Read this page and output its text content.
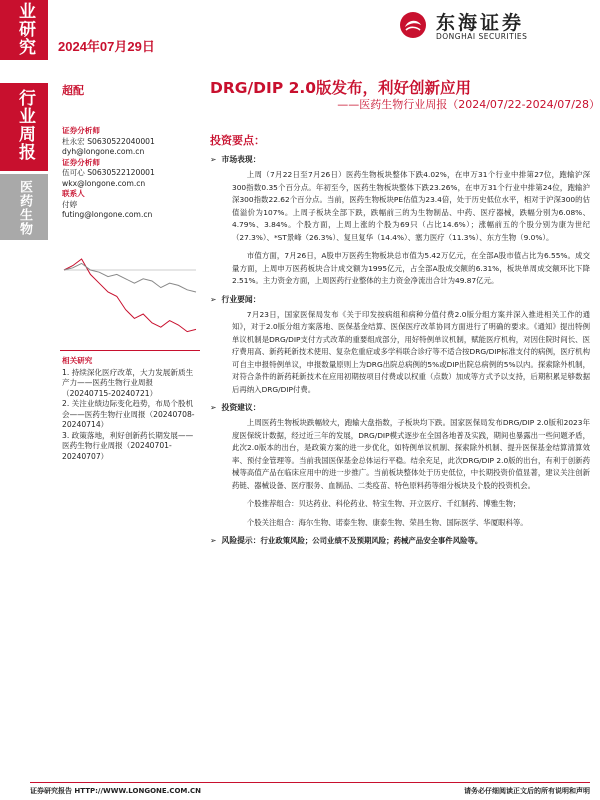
业研究 2024年07月29日
东海证券
DONGHAI SECURITIES
行业周报
医药生物
超配
证券分析师
杜永宏 S0630522040001
dyh@longone.com.cn
证券分析师
伍可心 S0630522120001
wkx@longone.com.cn
联系人
付婷
futing@longone.com.cn
相关研究
1. 持续深化医疗改革，大力发展新质生产力——医药生物行业周报（20240715-20240721）
2. 关注业绩边际变化趋势，布局个股机会——医药生物行业周报（20240708-20240714）
3. 政策落地，利好创新药长期发展——医药生物行业周报（20240701-20240707）
DRG/DIP 2.0版发布，利好创新应用
——医药生物行业周报（2024/07/22-2024/07/28）
投资要点：
➢ 市场表现：

上周（7月22日至7月26日）医药生物板块整体下跌4.02%，在申万31个行业中排第27位，跑输沪深300指数0.35个百分点。年初至今，医药生物板块整体下跌23.26%，在申万31个行业中排第24位，跑输沪深300指数22.62个百分点。当前，医药生物板块PE估值为23.4倍，处于历史低位水平，相对于沪深300的估值溢价为107%。上周子板块全部下跌，跌幅前三的为生物制品、中药、医疗器械，跌幅分别为6.08%、4.79%、3.84%。个股方面，上周上涨的个股为69只（占比14.6%）；涨幅前五的个股分别为康为世纪（27.3%）、*ST景峰（26.3%）、复旦复华（14.4%）、塞力医疗（11.3%）、东方生物（9.0%）。

市值方面，7月26日，A股申万医药生物板块总市值为5.42万亿元，在全部A股市值占比为6.55%。成交量方面，上周申万医药板块合计成交额为1995亿元，占全部A股成交额的6.31%，板块单周成交额环比下降2.51%。主力资金方面，上周医药行业整体的主力资金净流出合计为49.87亿元。

➢ 行业要闻：

7月23日，国家医保局发布《关于印发按病组和病种分值付费2.0版分组方案并深入推进相关工作的通知》，对于2.0版分组方案落地、医保基金结算、医保医疗改革协同方面进行了明确的要求。《通知》提出特例单议机制是DRG/DIP支付方式改革的重要组成部分，用好特例单议机制，赋能医疗机构，对因住院时间长、医疗费用高、新药耗新技术使用、复杂危重症或多学科联合诊疗等不适合按DRG/DIP标准支付的病例，医疗机构可自主申报特例单议，申报数量原则上为DRG出院总病例的5%或DIP出院总病例的5%以内。探索除外机制，对符合条件的新药耗新技术在应用初期按项目付费或以权重（点数）加成等方式予以支持，后期积累足够数据后再纳入DRG/DIP付费。

➢ 投资建议：

上周医药生物板块跌幅较大，跑输大盘指数，子板块均下跌。国家医保局发布DRG/DIP 2.0版和2023年度医保统计数据，经过近三年的发展，DRG/DIP模式逐步在全国各地普及实践，期间也暴露出一些问题矛盾，此次2.0版本的出台，是政策方案的进一步优化，如特例单议机制、探索除外机制、提升医保基金结算清算效率、预付金管理等。当前我国医保基金总体运行平稳。结余充足，此次DRG/DIP 2.0版的出台，有利于创新药械等高值产品在临床应用中的进一步推广。当前板块整体处于历史低位，中长期投资价值显著，建议关注创新药链、器械设备、医疗服务、血制品、二类疫苗、特色原料药等细分板块及个股的投资机会。

个股推荐组合：贝达药业、科伦药业、特宝生物、开立医疗、千红制药、博雅生物；

个股关注组合：海尔生物、诺泰生物、康泰生物、荣昌生物、国际医学、华厦眼科等。

➢ 风险提示：行业政策风险；公司业绩不及预期风险；药械产品安全事件风险等。
证券研究报告 HTTP://WWW.LONGONE.COM.CN	请务必仔细阅读正文后的所有说明和声明
